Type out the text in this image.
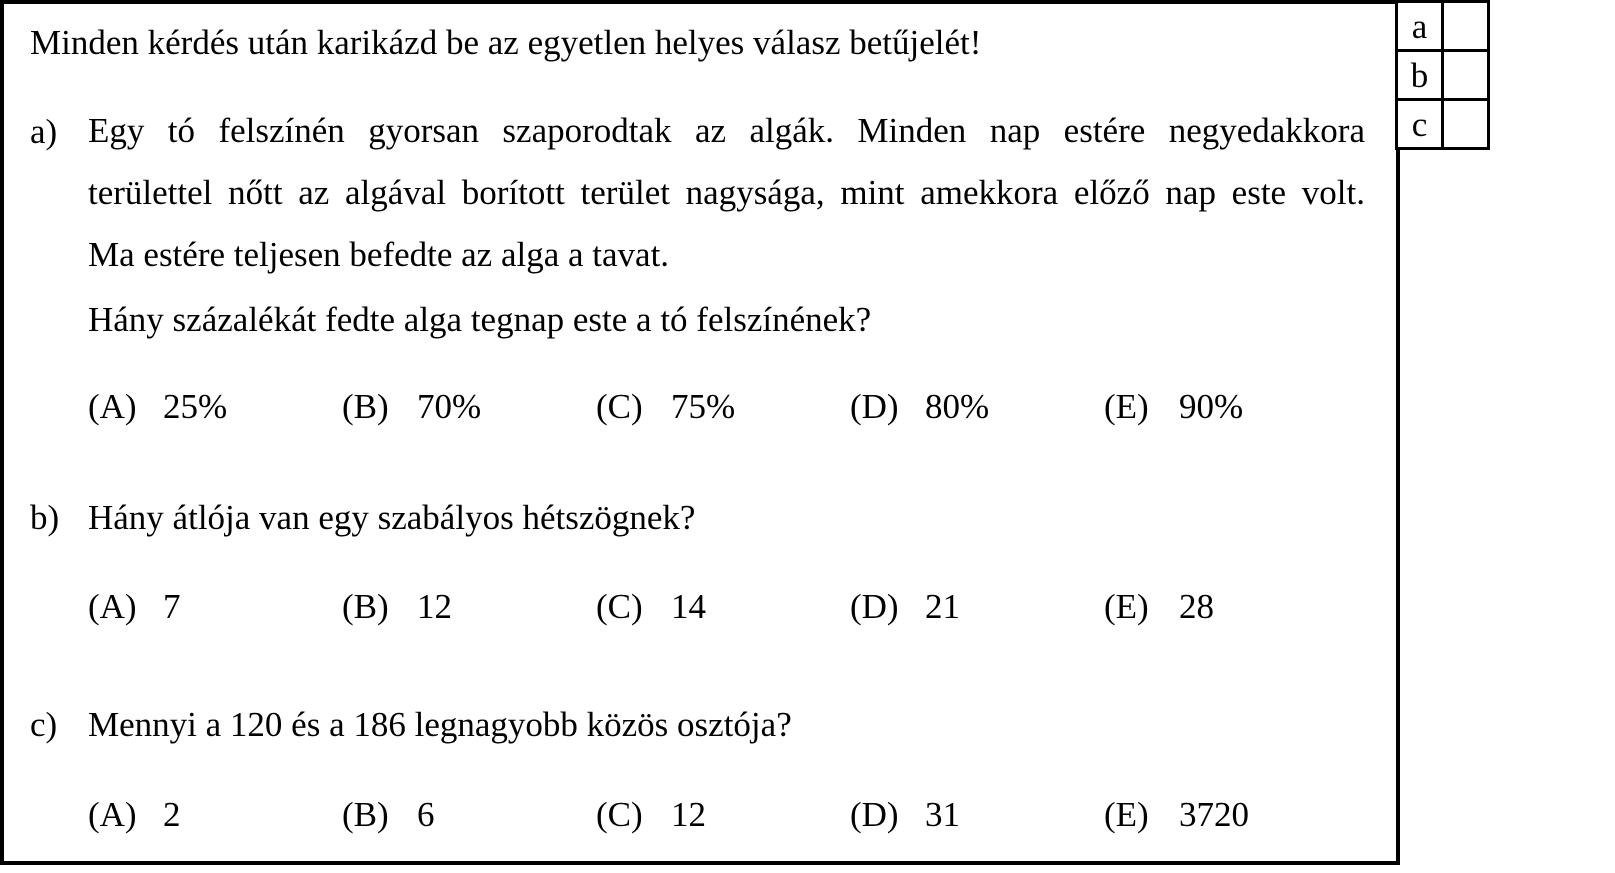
Minden kérdés után karikázd be az egyetlen helyes válasz betűjelét!
a) Egy tó felszínén gyorsan szaporodtak az algák. Minden nap estére negyedakkora
területtel nőtt az algával borított terület nagysága, mint amekkora előző nap este volt.
Ma estére teljesen befedte az alga a tavat.
Hány százalékát fedte alga tegnap este a tó felszínének?
(A) 25%	(B) 70%	(C) 75%	(D) 80%	(E) 90%
b) Hány átlója van egy szabályos hétszögnek?
(A) 7	(B) 12	(C) 14	(D) 21	(E) 28
c) Mennyi a 120 és a 186 legnagyobb közös osztója?
(A) 2	(B) 6	(C) 12	(D) 31	(E) 3720
a	
b	
c	
